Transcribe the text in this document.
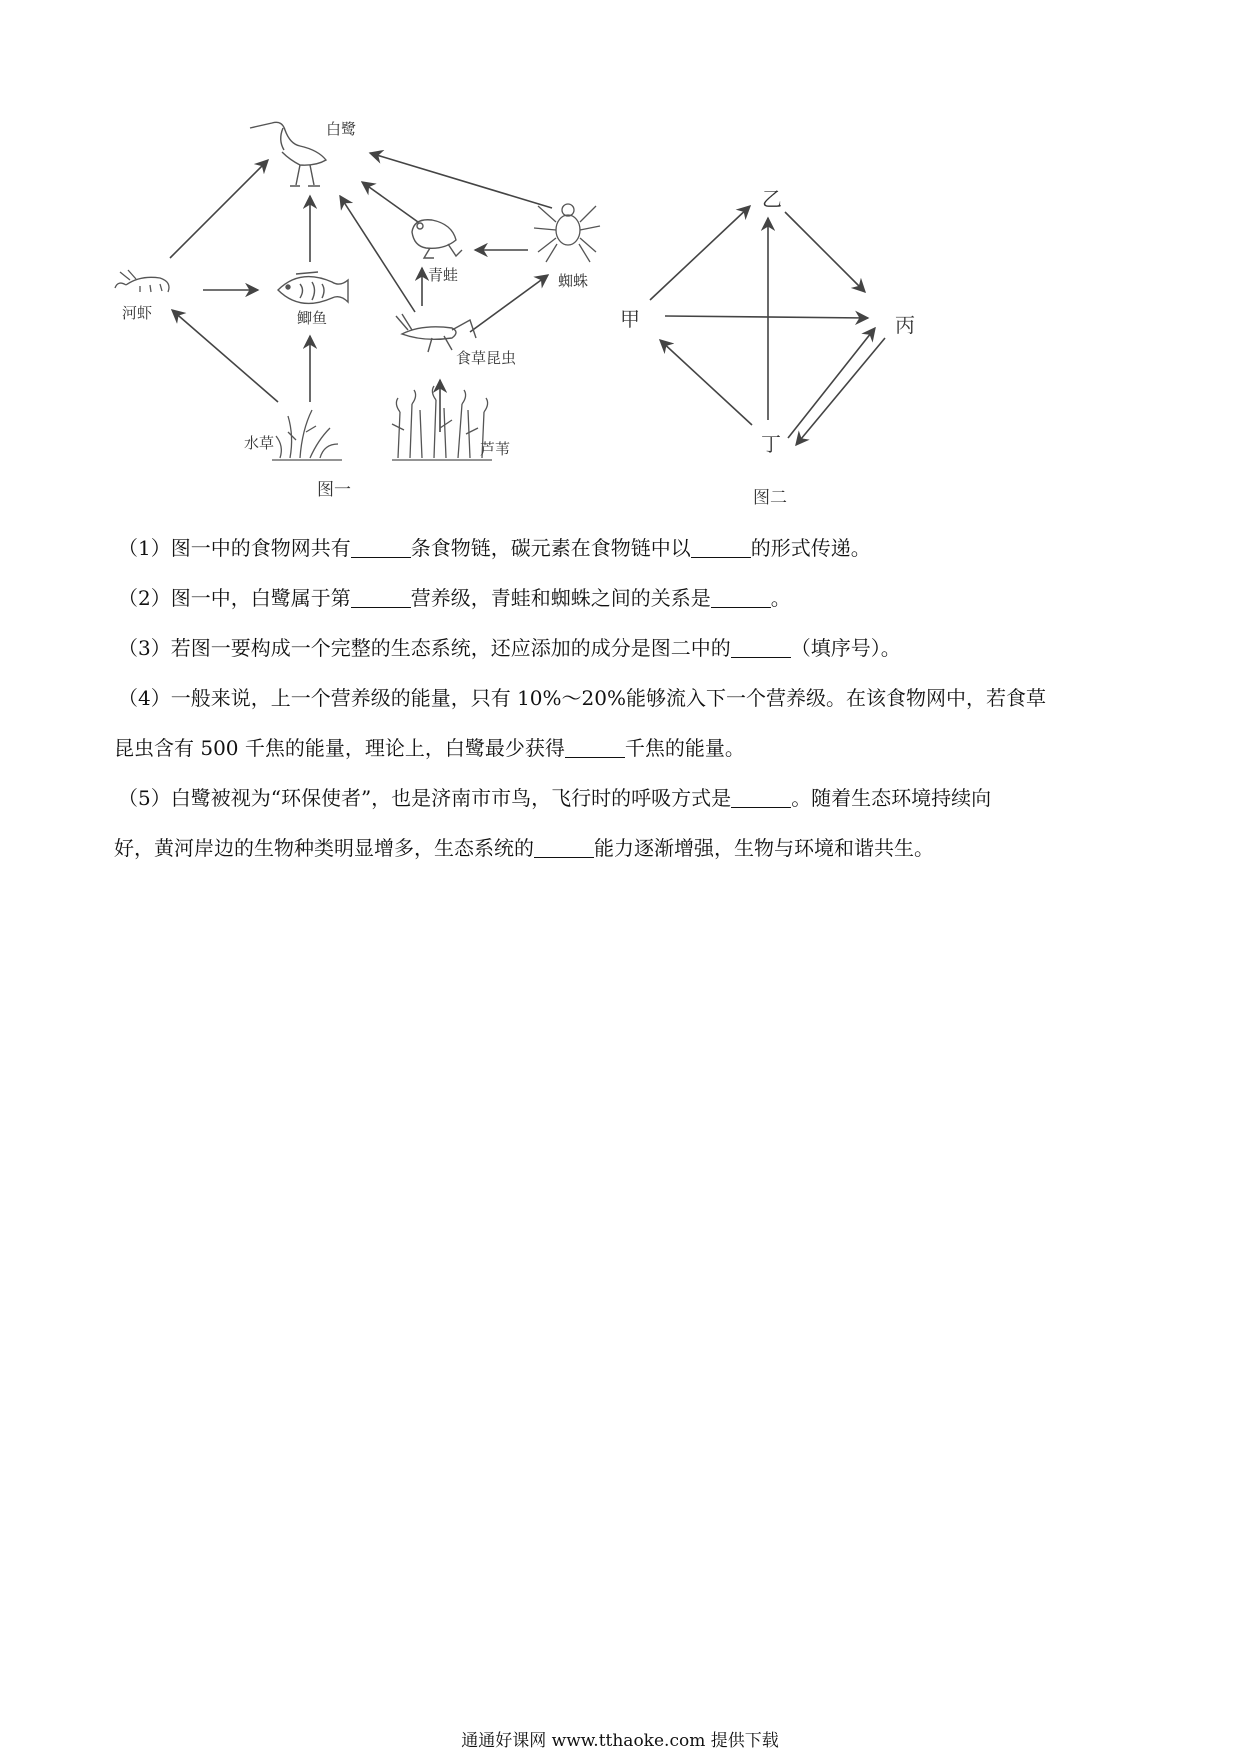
白鹭
河虾	鲫鱼
青蛙	蜘蛛
食草昆虫
水草	芦苇
图一
甲
乙
丙
丁
图二
（1）图一中的食物网共有	条食物链，碳元素在食物链中以	的形式传递。
（2）图一中，白鹭属于第	营养级，青蛙和蜘蛛之间的关系是	。
（3）若图一要构成一个完整的生态系统，还应添加的成分是图二中的	（填序号）。
（4）一般来说，上一个营养级的能量，只有 10%～20%能够流入下一个营养级。在该食物网中，若食草
昆虫含有 500 千焦的能量，理论上，白鹭最少获得	千焦的能量。
（5）白鹭被视为“环保使者”，也是济南市市鸟，飞行时的呼吸方式是	。随着生态环境持续向
好，黄河岸边的生物种类明显增多，生态系统的	能力逐渐增强，生物与环境和谐共生。
通通好课网 www.tthaoke.com 提供下载
